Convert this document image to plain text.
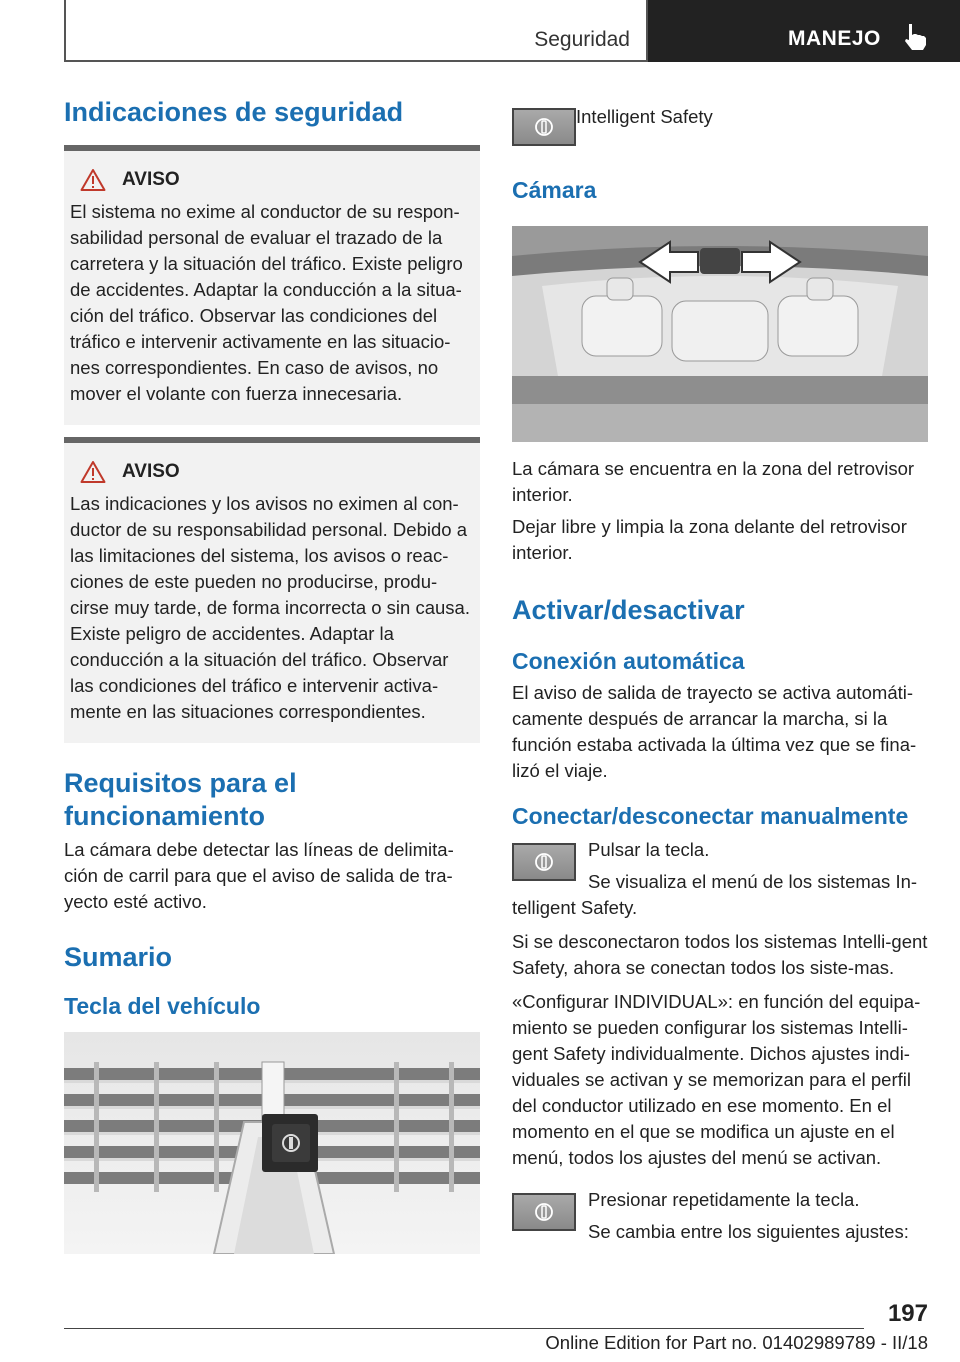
Seguridad	MANEJO
Indicaciones de seguridad
AVISO

El sistema no exime al conductor de su respon-sabilidad personal de evaluar el trazado de la carretera y la situación del tráfico. Existe peligro de accidentes. Adaptar la conducción a la situa-ción del tráfico. Observar las condiciones del tráfico e intervenir activamente en las situacio-nes correspondientes. En caso de avisos, no mover el volante con fuerza innecesaria.

AVISO

Las indicaciones y los avisos no eximen al con-ductor de su responsabilidad personal. Debido a las limitaciones del sistema, los avisos o reac-ciones de este pueden no producirse, produ-cirse muy tarde, de forma incorrecta o sin causa. Existe peligro de accidentes. Adaptar la conducción a la situación del tráfico. Observar las condiciones del tráfico e intervenir activa-mente en las situaciones correspondientes.

Requisitos para el funcionamiento

La cámara debe detectar las líneas de delimita-ción de carril para que el aviso de salida de tra-yecto esté activo.

Sumario
Tecla del vehículo

Intelligent Safety

Cámara

La cámara se encuentra en la zona del retrovisor interior.

Dejar libre y limpia la zona delante del retrovisor interior.

Activar/desactivar
Conexión automática

El aviso de salida de trayecto se activa automáti-camente después de arrancar la marcha, si la función estaba activada la última vez que se fina-lizó el viaje.

Conectar/desconectar manualmente

Pulsar la tecla.

Se visualiza el menú de los sistemas In-telligent Safety.

Si se desconectaron todos los sistemas Intelli-gent Safety, ahora se conectan todos los siste-mas.

«Configurar INDIVIDUAL»: en función del equipa-miento se pueden configurar los sistemas Intelli-gent Safety individualmente. Dichos ajustes indi-viduales se activan y se memorizan para el perfil del conductor utilizado en ese momento. En el momento en el que se modifica un ajuste en el menú, todos los ajustes del menú se activan.

Presionar repetidamente la tecla.

Se cambia entre los siguientes ajustes:

197
Online Edition for Part no. 01402989789 - II/18
